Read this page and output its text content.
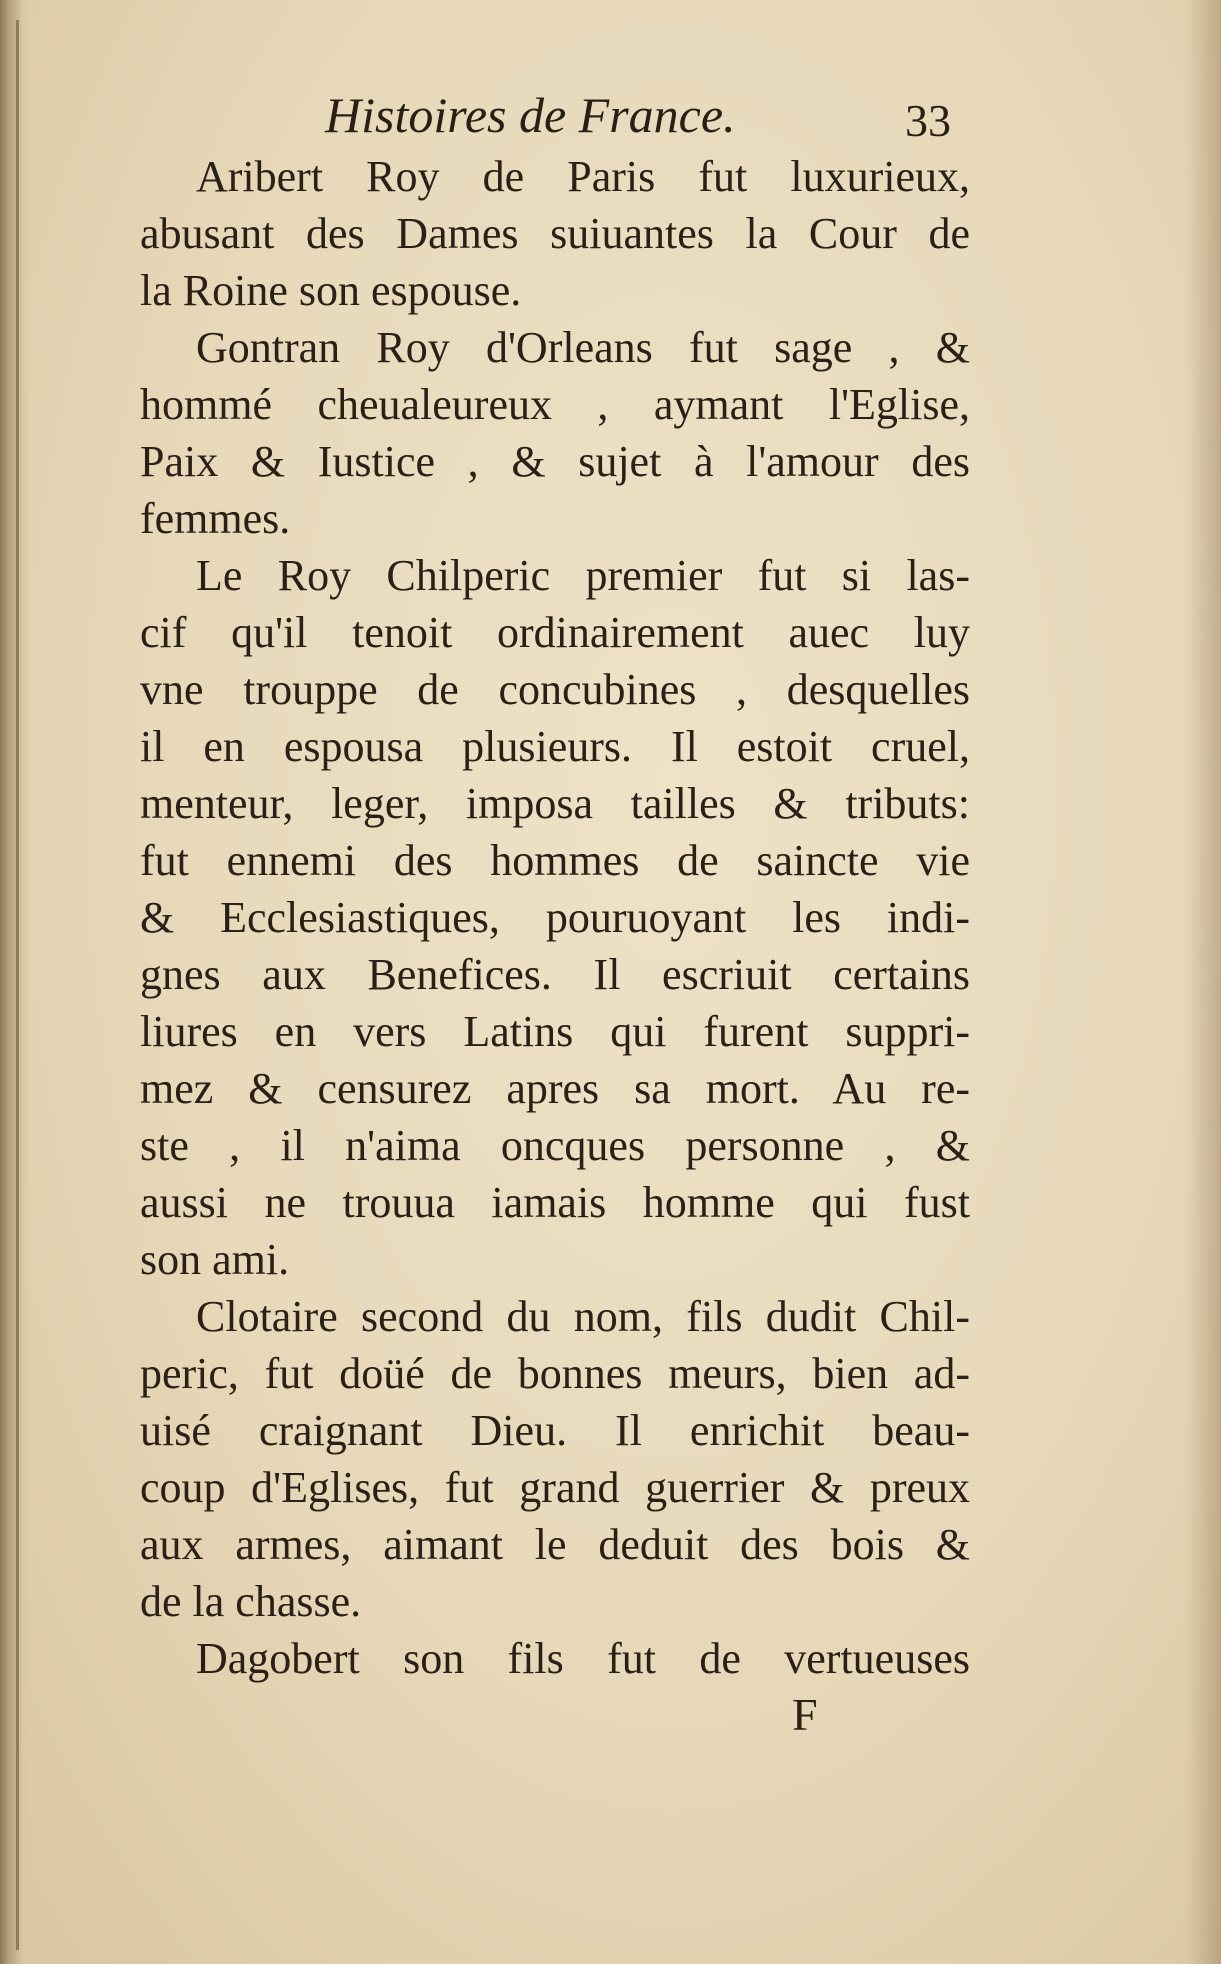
Histoires de France.	33
Aribert Roy de Paris fut luxurieux,
abusant des Dames suiuantes la Cour de
la Roine son espouse.
Gontran Roy d'Orleans fut sage , &
hommé cheualeureux , aymant l'Eglise,
Paix & Iustice , & sujet à l'amour des
femmes.
Le Roy Chilperic premier fut si las-
cif qu'il tenoit ordinairement auec luy
vne trouppe de concubines , desquelles
il en espousa plusieurs. Il estoit cruel,
menteur, leger, imposa tailles & tributs:
fut ennemi des hommes de saincte vie
& Ecclesiastiques, pouruoyant les indi-
gnes aux Benefices. Il escriuit certains
liures en vers Latins qui furent suppri-
mez & censurez apres sa mort. Au re-
ste , il n'aima oncques personne , &
aussi ne trouua iamais homme qui fust
son ami.
Clotaire second du nom, fils dudit Chil-
peric, fut doüé de bonnes meurs, bien ad-
uisé craignant Dieu. Il enrichit beau-
coup d'Eglises, fut grand guerrier & preux
aux armes, aimant le deduit des bois &
de la chasse.
Dagobert son fils fut de vertueuses
F
